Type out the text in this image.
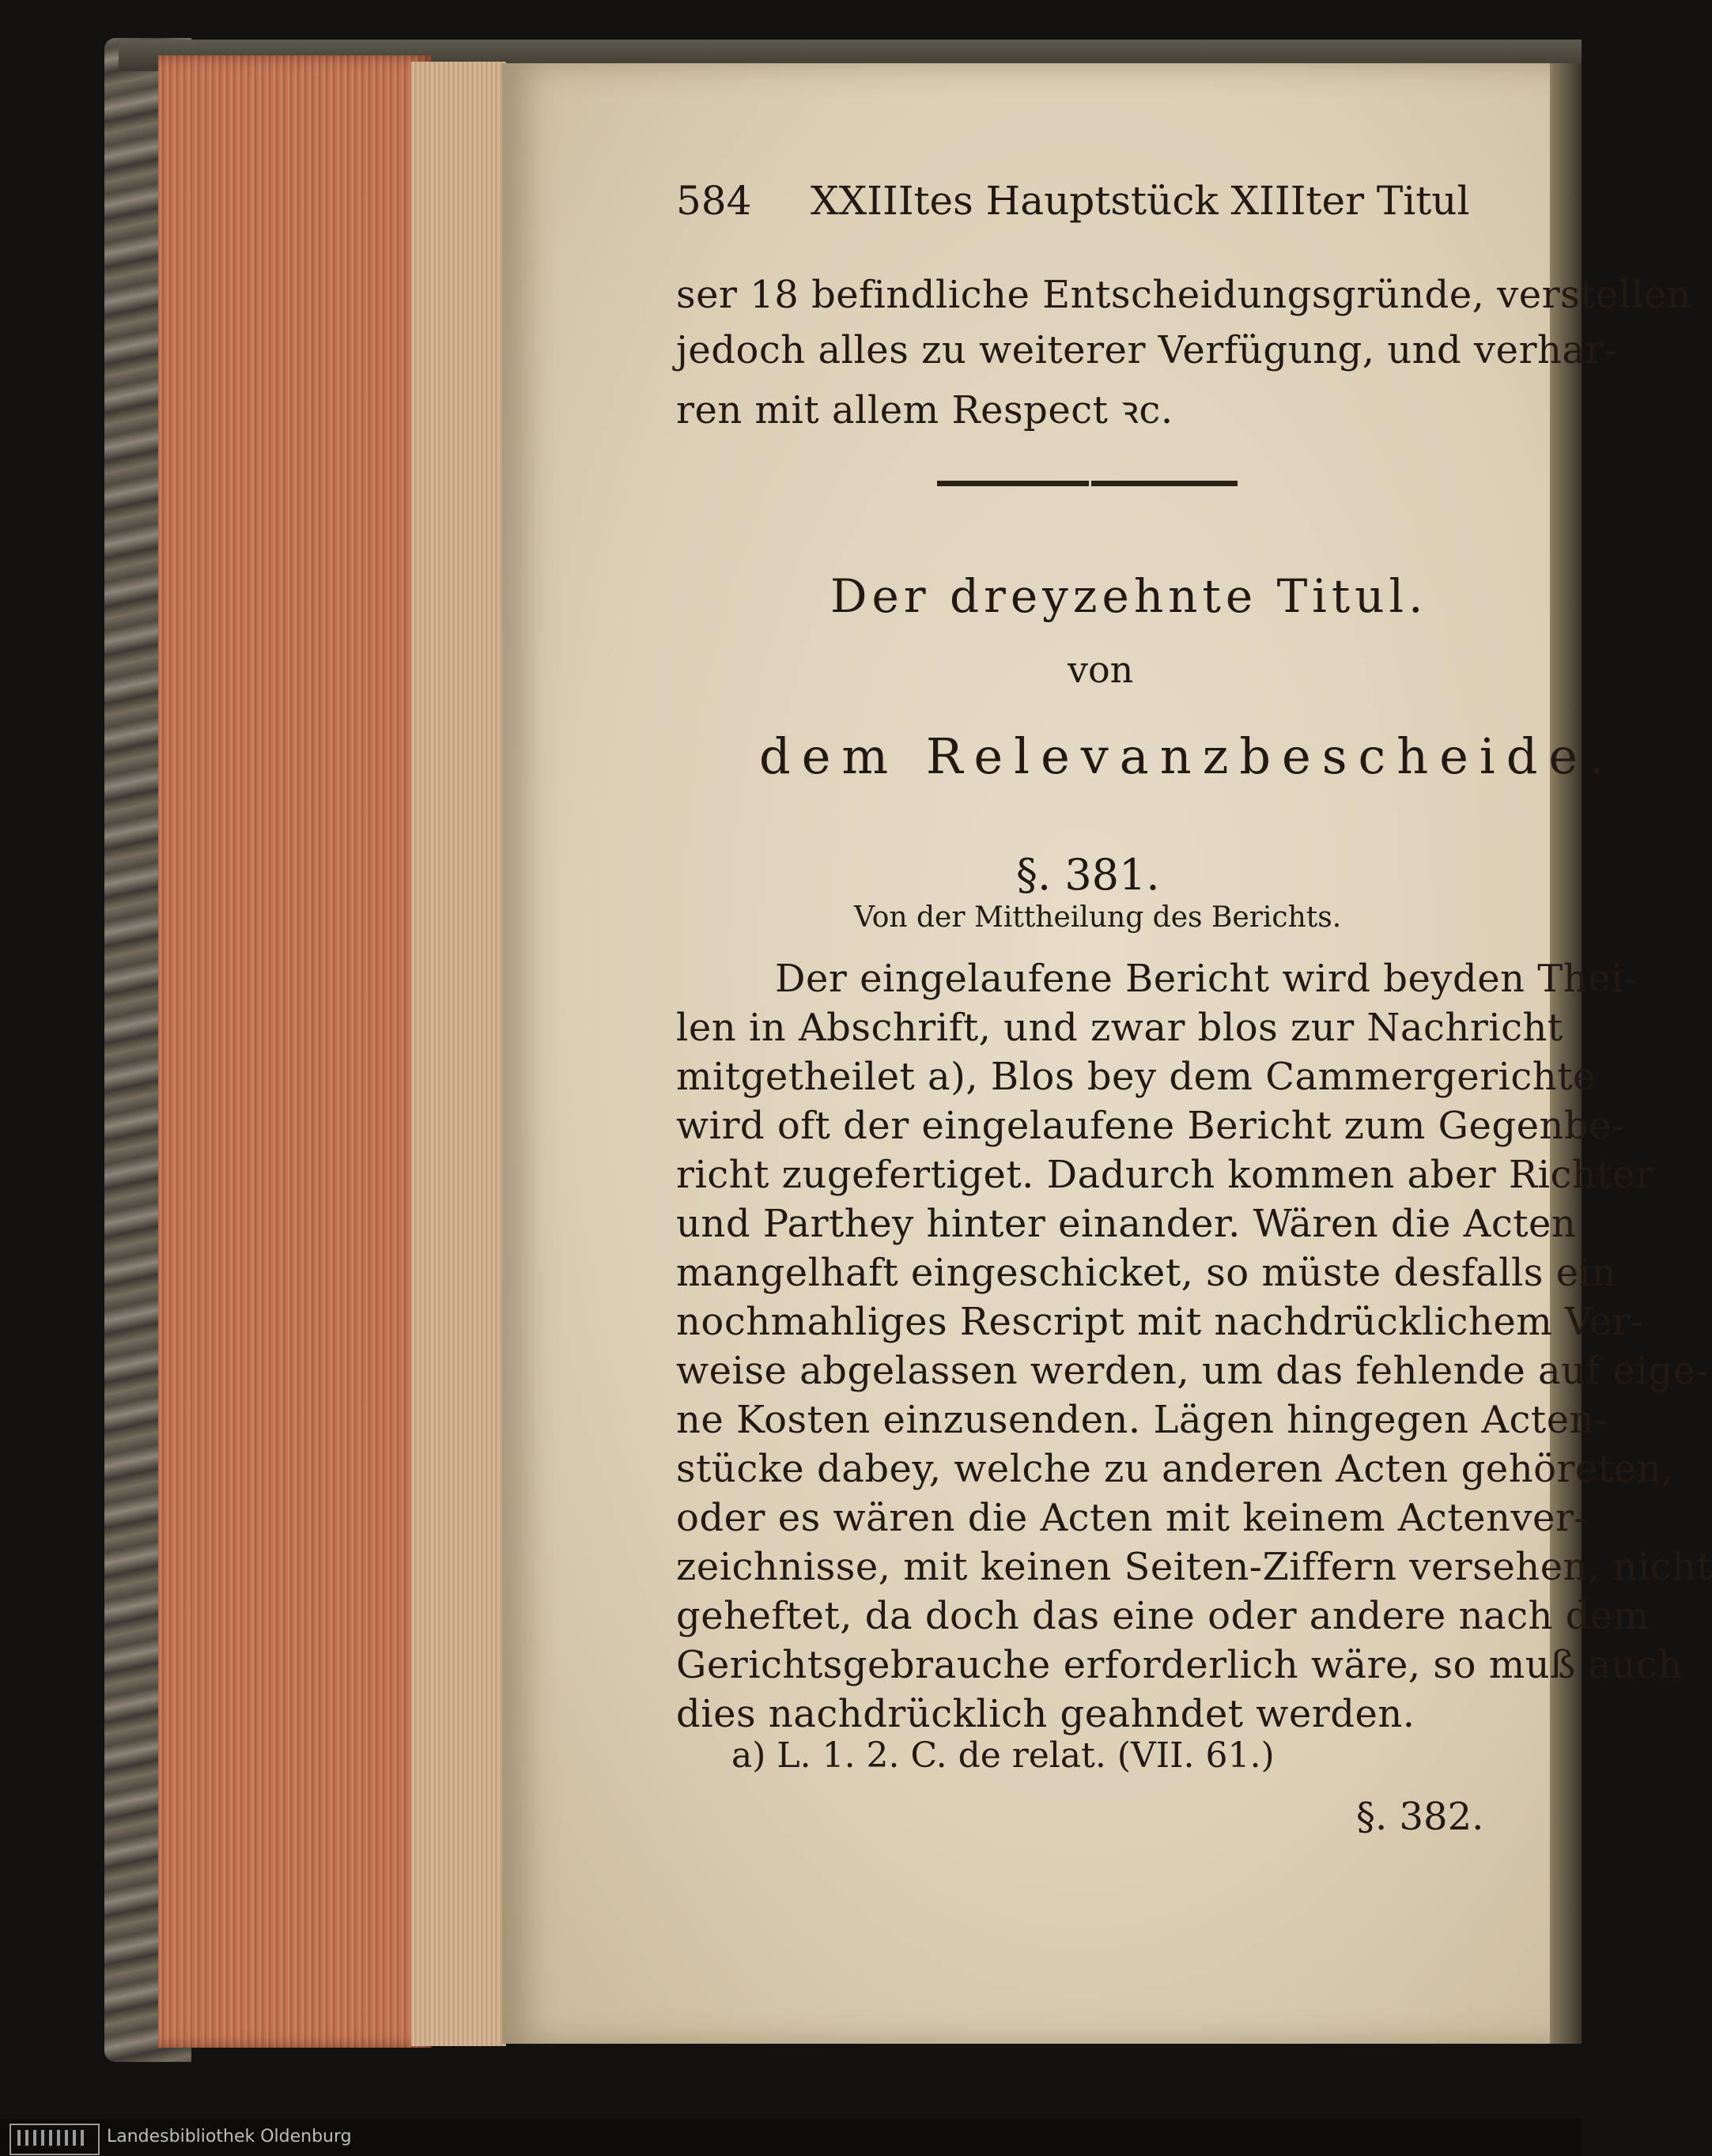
584 XXIIItes Hauptstück XIIIter Titul
ser 18 befindliche Entscheidungsgründe, verstellen
jedoch alles zu weiterer Verfügung, und verhar-
ren mit allem Respect ꝛc.
Der dreyzehnte Titul.
von
dem Relevanzbescheide.
§. 381.
Von der Mittheilung des Berichts.
Der eingelaufene Bericht wird beyden Thei-
len in Abschrift, und zwar blos zur Nachricht
mitgetheilet a), Blos bey dem Cammergerichte
wird oft der eingelaufene Bericht zum Gegenbe-
richt zugefertiget. Dadurch kommen aber Richter
und Parthey hinter einander. Wären die Acten
mangelhaft eingeschicket, so müste desfalls ein
nochmahliges Rescript mit nachdrücklichem Ver-
weise abgelassen werden, um das fehlende auf eige-
ne Kosten einzusenden. Lägen hingegen Acten-
stücke dabey, welche zu anderen Acten gehöreten,
oder es wären die Acten mit keinem Actenver-
zeichnisse, mit keinen Seiten-Ziffern versehen, nicht
geheftet, da doch das eine oder andere nach dem
Gerichtsgebrauche erforderlich wäre, so muß auch
dies nachdrücklich geahndet werden.
a) L. 1. 2. C. de relat. (VII. 61.)
§. 382.
Landesbibliothek Oldenburg
